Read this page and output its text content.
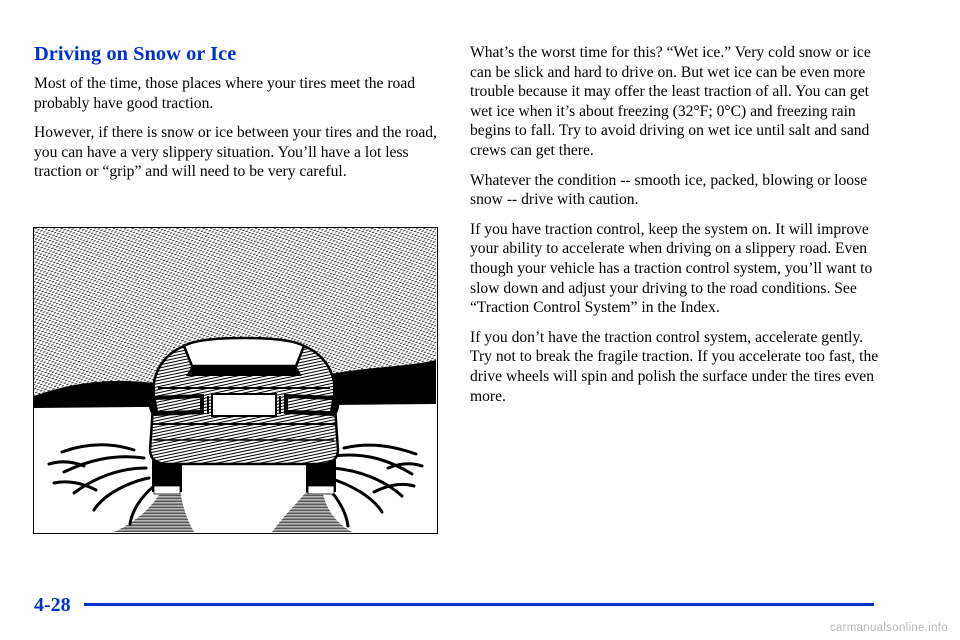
Driving on Snow or Ice

Most of the time, those places where your tires meet the road probably have good traction.

However, if there is snow or ice between your tires and the road, you can have a very slippery situation. You’ll have a lot less traction or “grip” and will need to be very careful.

What’s the worst time for this? “Wet ice.” Very cold snow or ice can be slick and hard to drive on. But wet ice can be even more trouble because it may offer the least traction of all. You can get wet ice when it’s about freezing (32°F; 0°C) and freezing rain begins to fall. Try to avoid driving on wet ice until salt and sand crews can get there.

Whatever the condition -- smooth ice, packed, blowing or loose snow -- drive with caution.

If you have traction control, keep the system on. It will improve your ability to accelerate when driving on a slippery road. Even though your vehicle has a traction control system, you’ll want to slow down and adjust your driving to the road conditions. See “Traction Control System” in the Index.

If you don’t have the traction control system, accelerate gently. Try not to break the fragile traction. If you accelerate too fast, the drive wheels will spin and polish the surface under the tires even more.

4-28
carmanualsonline.info
